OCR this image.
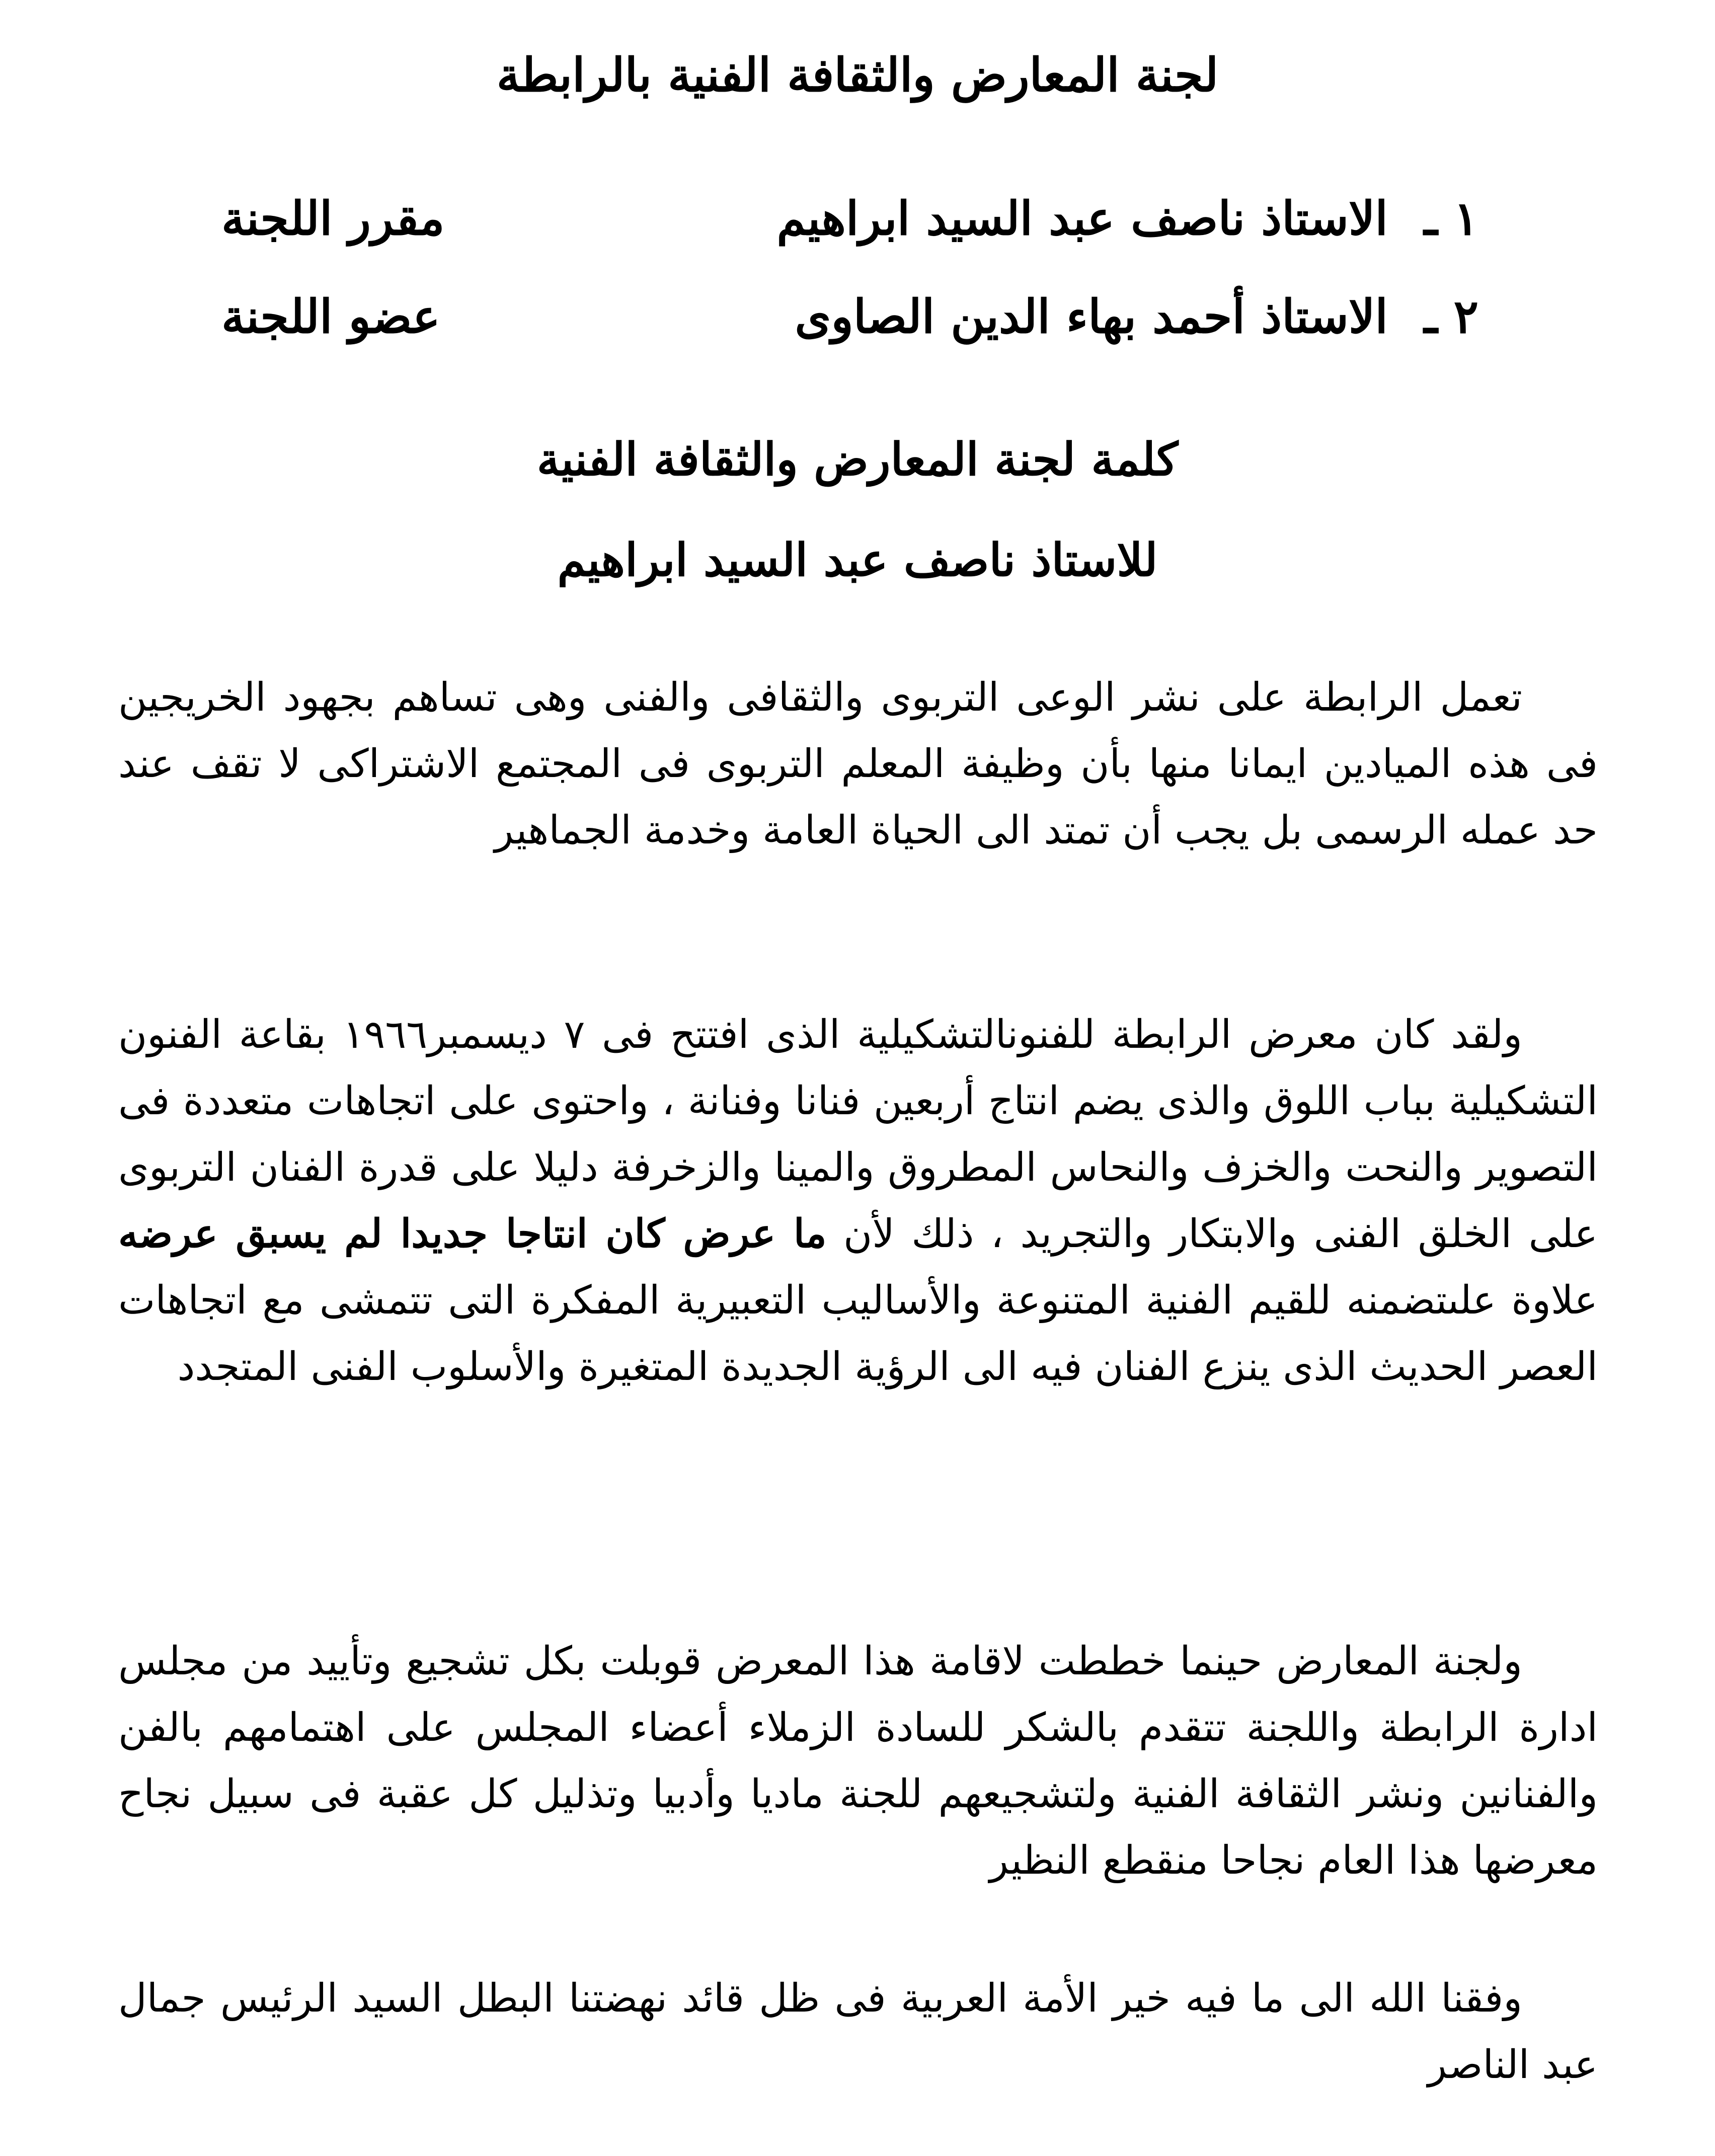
لجنة المعارض والثقافة الفنية بالرابطة
١ ـ
الاستاذ ناصف عبد السيد ابراهيم
مقرر اللجنة
٢ ـ
الاستاذ أحمد بهاء الدين الصاوى
عضو اللجنة
كلمة لجنة المعارض والثقافة الفنية
للاستاذ ناصف عبد السيد ابراهيم

تعمل الرابطة على نشر الوعى التربوى والثقافى والفنى وهى تساهم بجهود الخريجين فى هذه الميادين ايمانا منها بأن وظيفة المعلم التربوى فى المجتمع الاشتراكى لا تقف عند حد عمله الرسمى بل يجب أن تمتد الى الحياة العامة وخدمة الجماهير

ولقد كان معرض الرابطة للفنونالتشكيلية الذى افتتح فى ٧ ديسمبر١٩٦٦ بقاعة الفنون التشكيلية بباب اللوق والذى يضم انتاج أربعين فنانا وفنانة ، واحتوى على اتجاهات متعددة فى التصوير والنحت والخزف والنحاس المطروق والمينا والزخرفة دليلا على قدرة الفنان التربوى على الخلق الفنى والابتكار والتجريد ، ذلك لأن ما عرض كان انتاجا جديدا لم يسبق عرضه علاوة علىتضمنه للقيم الفنية المتنوعة والأساليب التعبيرية المفكرة التى تتمشى مع اتجاهات العصر الحديث الذى ينزع الفنان فيه الى الرؤية الجديدة المتغيرة والأسلوب الفنى المتجدد

ولجنة المعارض حينما خططت لاقامة هذا المعرض قوبلت بكل تشجيع وتأييد من مجلس ادارة الرابطة واللجنة تتقدم بالشكر للسادة الزملاء أعضاء المجلس على اهتمامهم بالفن والفنانين ونشر الثقافة الفنية ولتشجيعهم للجنة ماديا وأدبيا وتذليل كل عقبة فى سبيل نجاح معرضها هذا العام نجاحا منقطع النظير

وفقنا الله الى ما فيه خير الأمة العربية فى ظل قائد نهضتنا البطل السيد الرئيس جمال عبد الناصر
